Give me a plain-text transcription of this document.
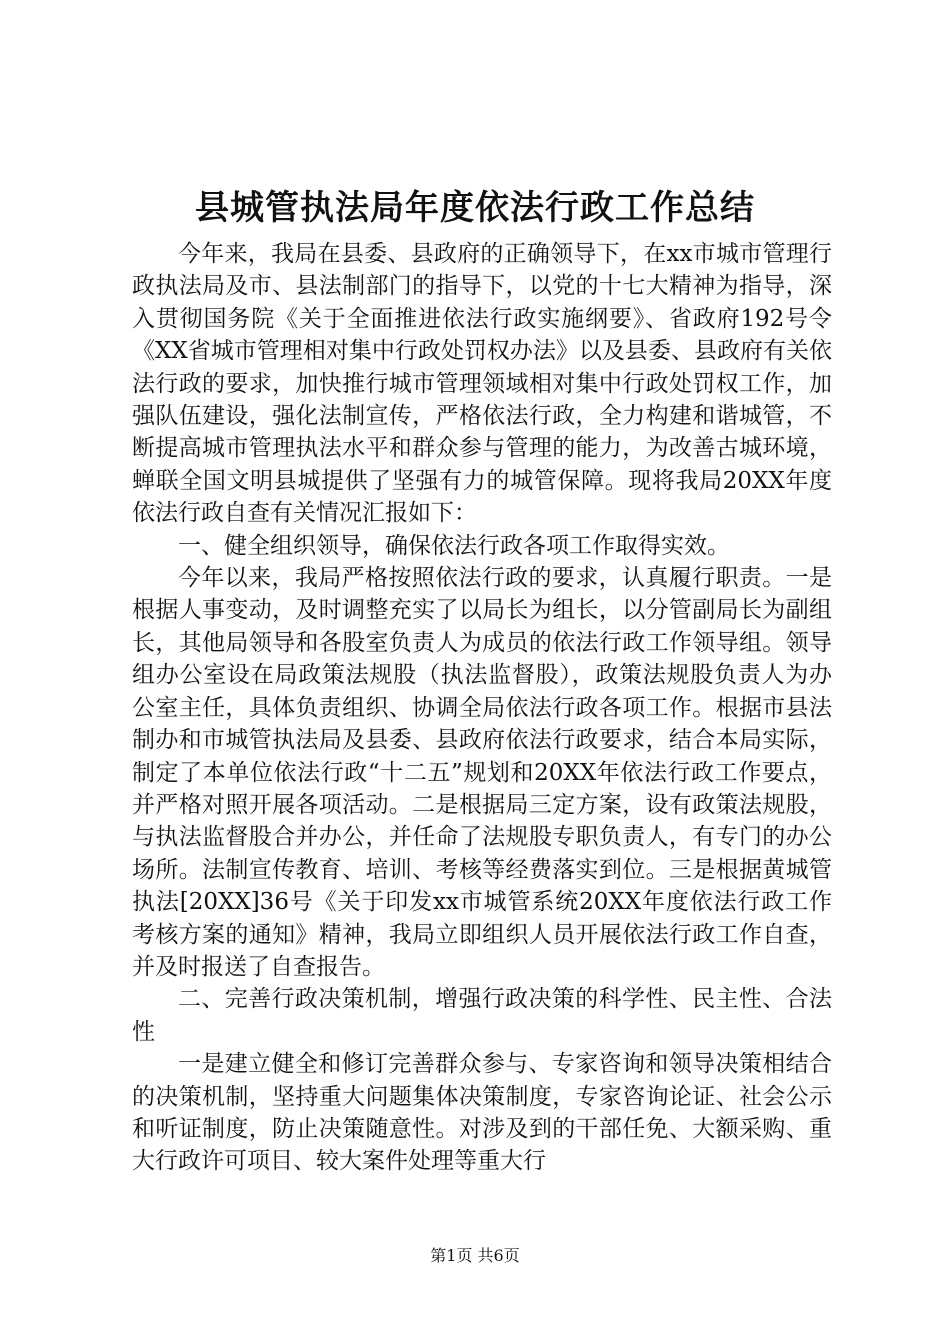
县城管执法局年度依法行政工作总结

今年来，我局在县委、县政府的正确领导下，在xx市城市管理行政执法局及市、县法制部门的指导下，以党的十七大精神为指导，深入贯彻国务院《关于全面推进依法行政实施纲要》、省政府192号令《XX省城市管理相对集中行政处罚权办法》以及县委、县政府有关依法行政的要求，加快推行城市管理领域相对集中行政处罚权工作，加强队伍建设，强化法制宣传，严格依法行政，全力构建和谐城管，不断提高城市管理执法水平和群众参与管理的能力，为改善古城环境，蝉联全国文明县城提供了坚强有力的城管保障。现将我局20XX年度依法行政自查有关情况汇报如下：

一、健全组织领导，确保依法行政各项工作取得实效。

今年以来，我局严格按照依法行政的要求，认真履行职责。一是根据人事变动，及时调整充实了以局长为组长，以分管副局长为副组长，其他局领导和各股室负责人为成员的依法行政工作领导组。领导组办公室设在局政策法规股（执法监督股），政策法规股负责人为办公室主任，具体负责组织、协调全局依法行政各项工作。根据市县法制办和市城管执法局及县委、县政府依法行政要求，结合本局实际，制定了本单位依法行政“十二五”规划和20XX年依法行政工作要点，并严格对照开展各项活动。二是根据局三定方案，设有政策法规股，与执法监督股合并办公，并任命了法规股专职负责人，有专门的办公场所。法制宣传教育、培训、考核等经费落实到位。三是根据黄城管执法[20XX]36号《关于印发xx市城管系统20XX年度依法行政工作考核方案的通知》精神，我局立即组织人员开展依法行政工作自查，并及时报送了自查报告。

二、完善行政决策机制，增强行政决策的科学性、民主性、合法性

一是建立健全和修订完善群众参与、专家咨询和领导决策相结合的决策机制，坚持重大问题集体决策制度，专家咨询论证、社会公示和听证制度，防止决策随意性。对涉及到的干部任免、大额采购、重大行政许可项目、较大案件处理等重大行

第1页 共6页
